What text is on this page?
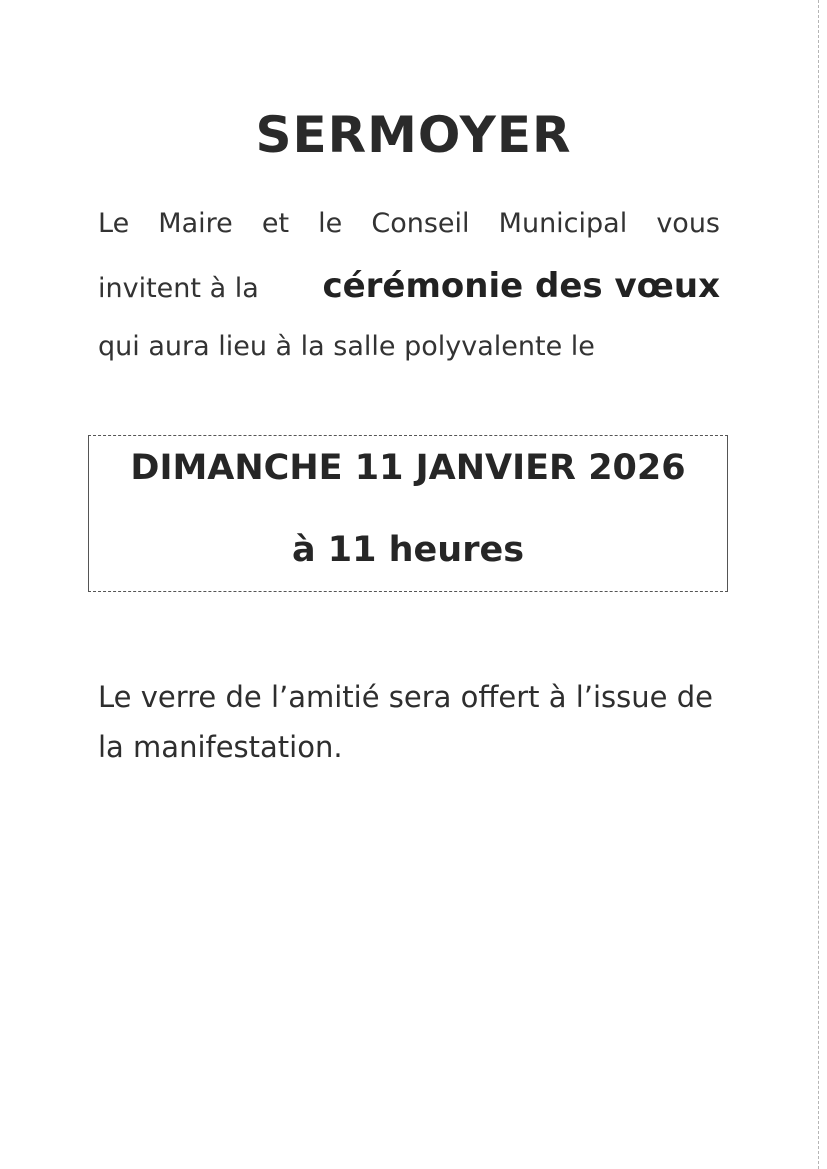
SERMOYER
Le Maire et le Conseil Municipal vous
invitent à la cérémonie des vœux
qui aura lieu à la salle polyvalente le
DIMANCHE 11 JANVIER 2026
à 11 heures
Le verre de l’amitié sera offert à l’issue de la manifestation.
